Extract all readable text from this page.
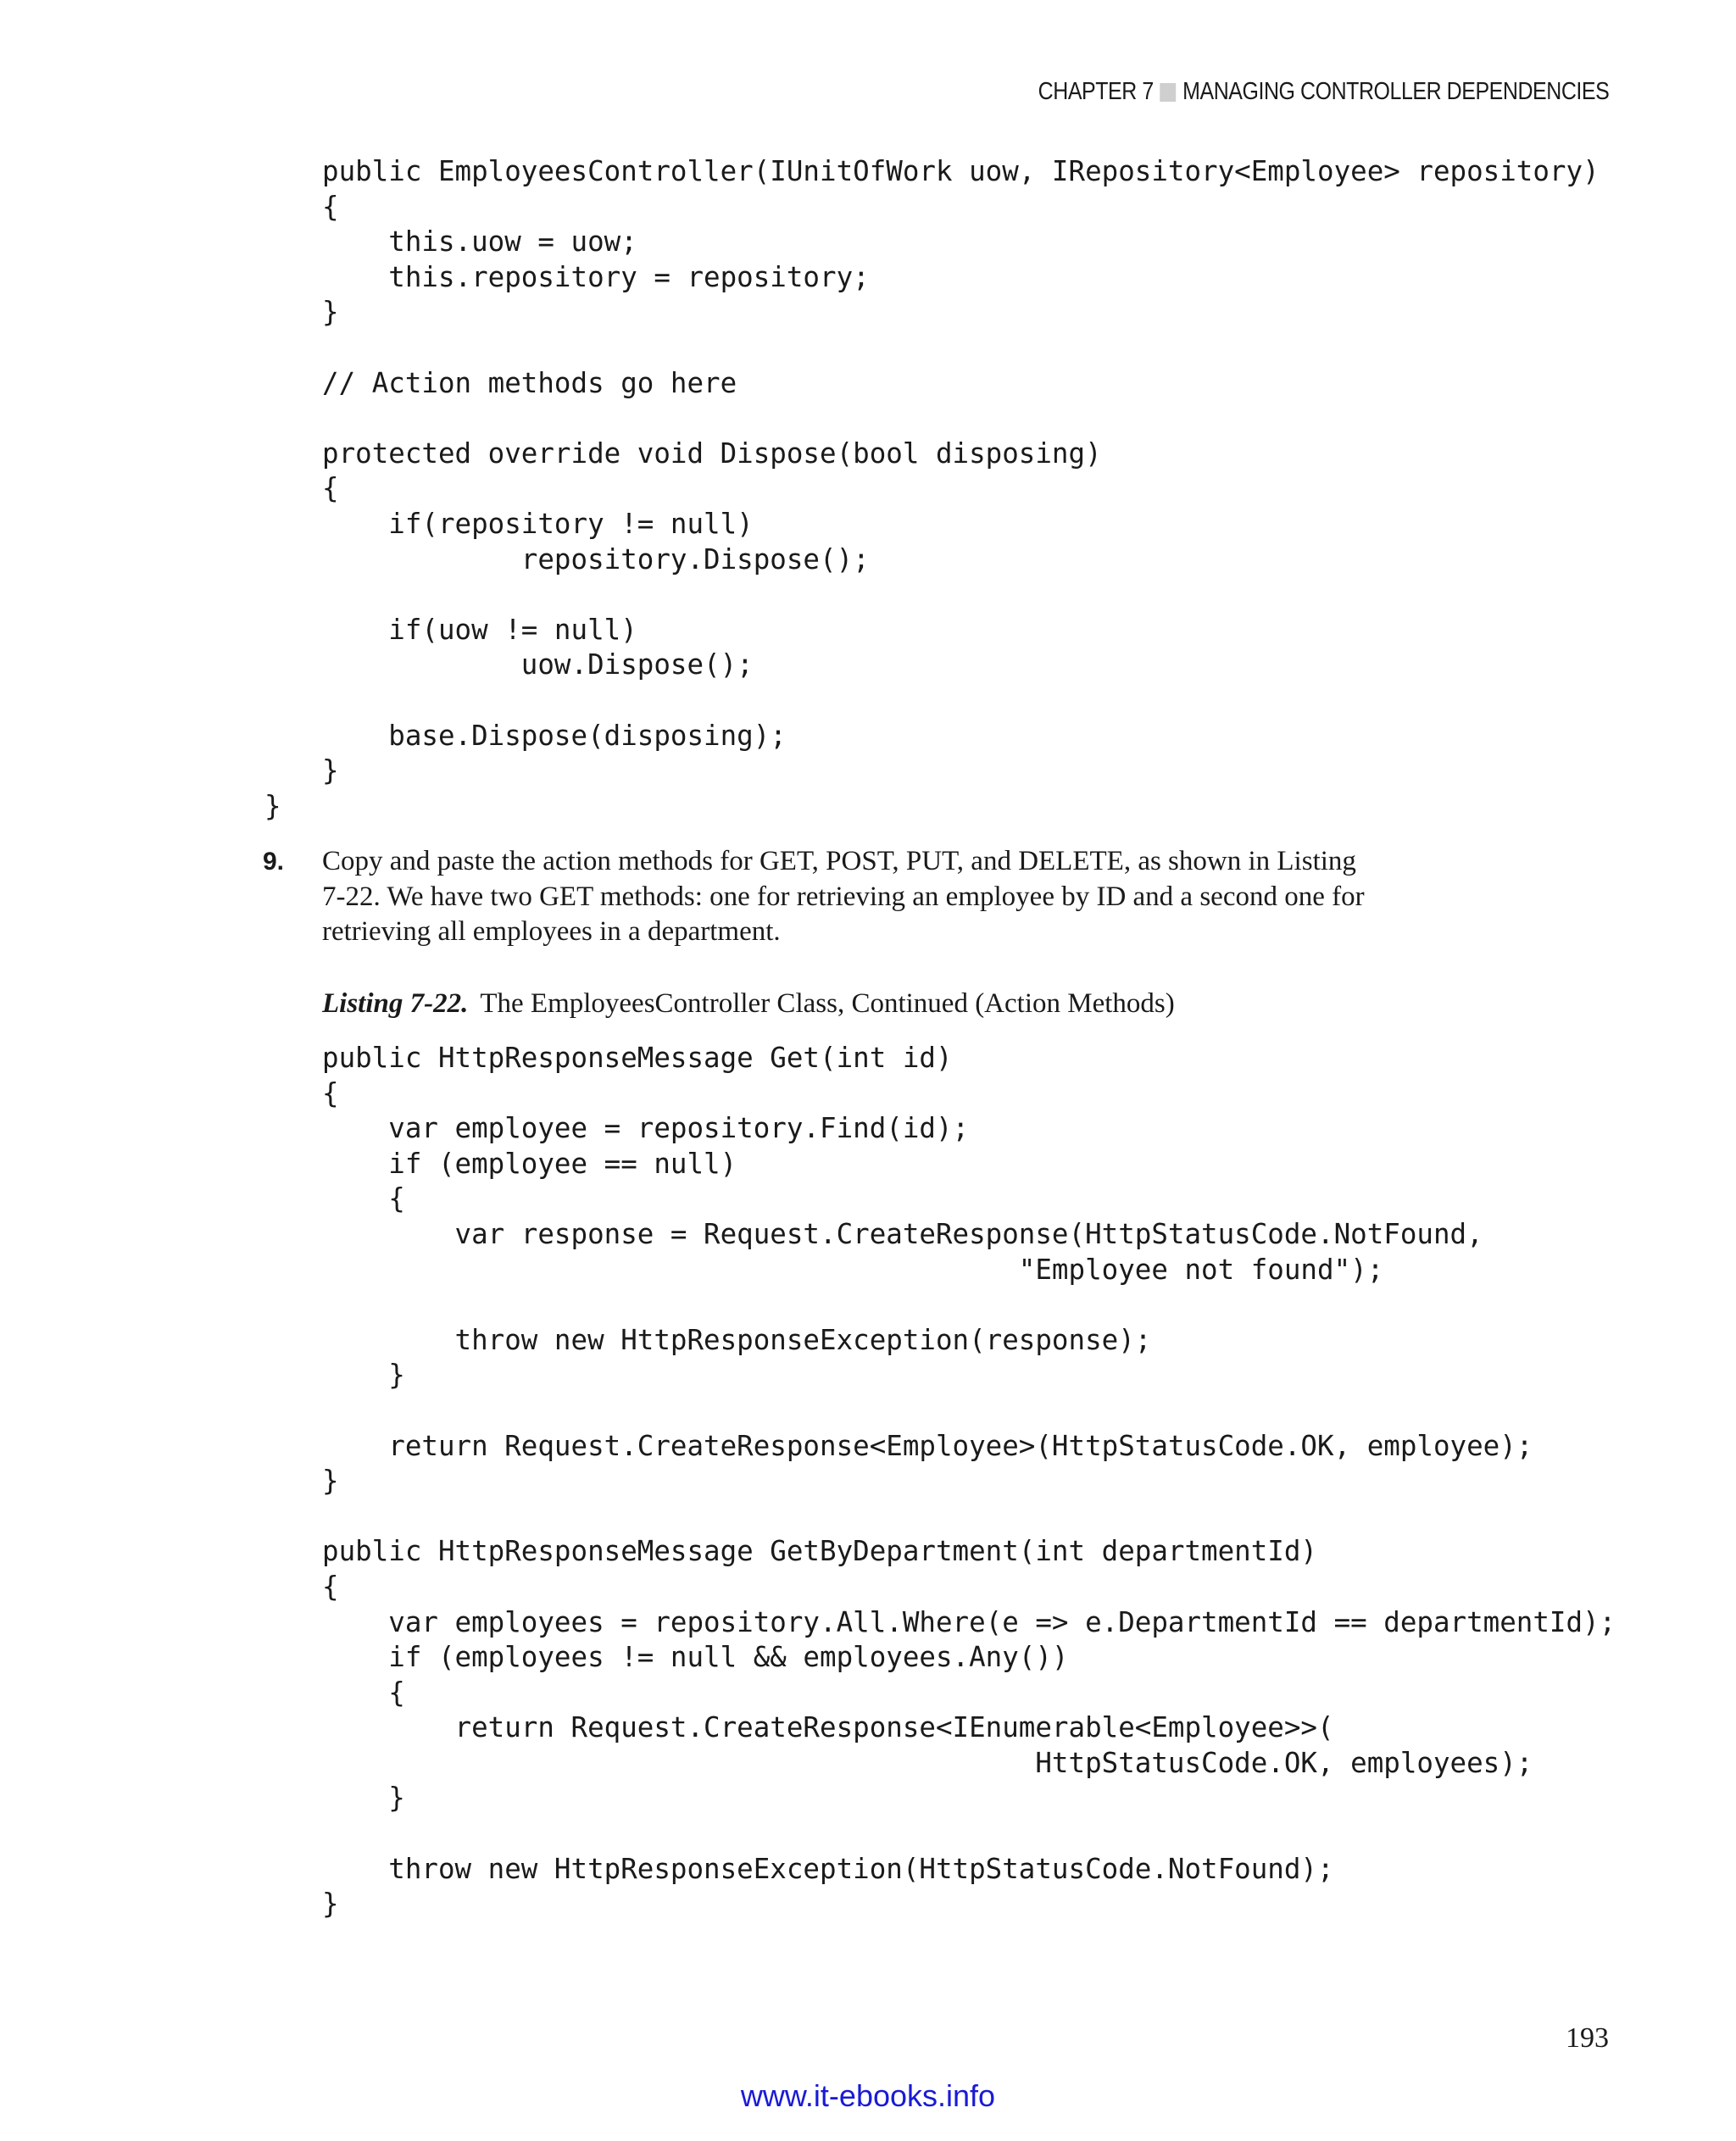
CHAPTER 7 MANAGING CONTROLLER DEPENDENCIES
public EmployeesController(IUnitOfWork uow, IRepository<Employee> repository)
{
this.uow = uow;
this.repository = repository;
}

// Action methods go here

protected override void Dispose(bool disposing)
{
if(repository != null)
repository.Dispose();

if(uow != null)
uow.Dispose();

base.Dispose(disposing);
}
}
9. Copy and paste the action methods for GET, POST, PUT, and DELETE, as shown in Listing 7-22. We have two GET methods: one for retrieving an employee by ID and a second one for retrieving all employees in a department.
Listing 7-22. The EmployeesController Class, Continued (Action Methods)
public HttpResponseMessage Get(int id)
{
var employee = repository.Find(id);
if (employee == null)
{
var response = Request.CreateResponse(HttpStatusCode.NotFound,
"Employee not found");

throw new HttpResponseException(response);
}

return Request.CreateResponse<Employee>(HttpStatusCode.OK, employee);
}

public HttpResponseMessage GetByDepartment(int departmentId)
{
var employees = repository.All.Where(e => e.DepartmentId == departmentId);
if (employees != null && employees.Any())
{
return Request.CreateResponse<IEnumerable<Employee>>(
HttpStatusCode.OK, employees);
}

throw new HttpResponseException(HttpStatusCode.NotFound);
}
193
www.it-ebooks.info
